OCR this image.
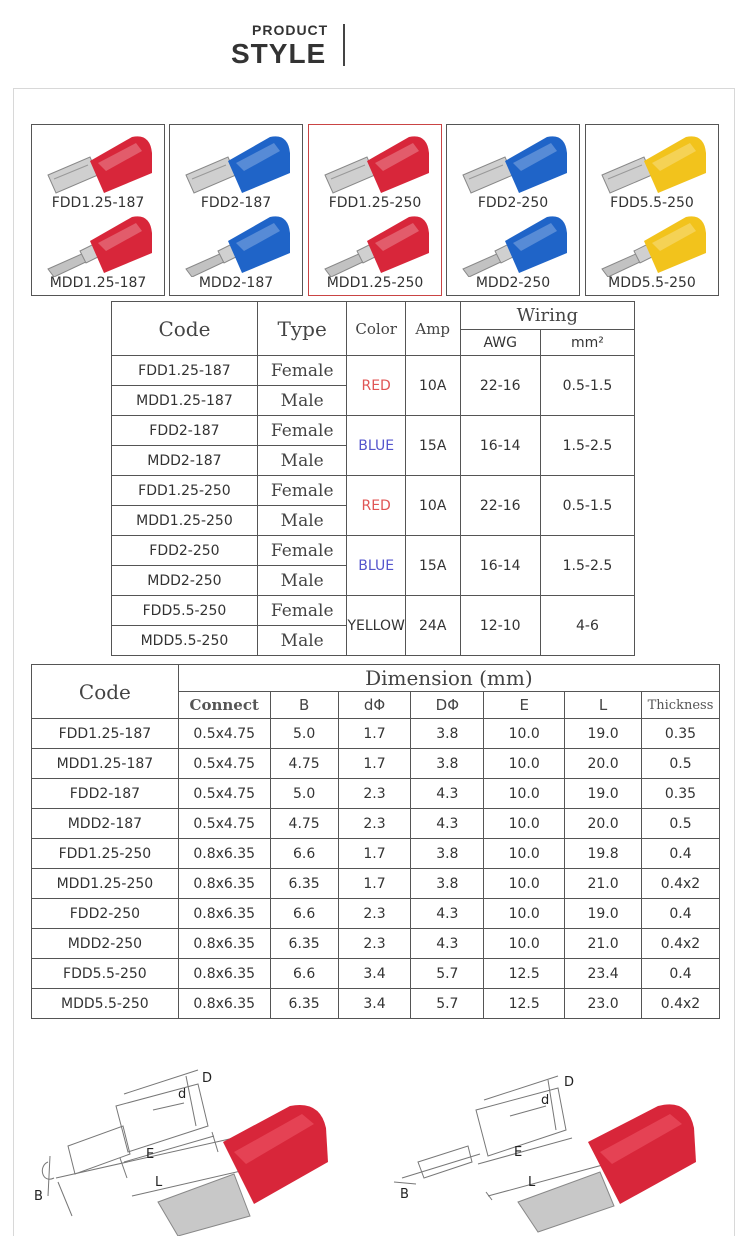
PRODUCT
STYLE
FDD1.25-187
MDD1.25-187
FDD2-187
MDD2-187
FDD1.25-250
MDD1.25-250
FDD2-250
MDD2-250
FDD5.5-250
MDD5.5-250
Code	Type	Color	Amp	Wiring	
				AWG	mm²
FDD1.25-187	Female	RED	10A	22-16	0.5-1.5
MDD1.25-187	Male				
FDD2-187	Female	BLUE	15A	16-14	1.5-2.5
MDD2-187	Male				
FDD1.25-250	Female	RED	10A	22-16	0.5-1.5
MDD1.25-250	Male				
FDD2-250	Female	BLUE	15A	16-14	1.5-2.5
MDD2-250	Male				
FDD5.5-250	Female	YELLOW	24A	12-10	4-6
MDD5.5-250	Male				
Code	Dimension (mm)						
	Connect	B	dΦ	DΦ	E	L	Thickness
FDD1.25-187	0.5x4.75	5.0	1.7	3.8	10.0	19.0	0.35
MDD1.25-187	0.5x4.75	4.75	1.7	3.8	10.0	20.0	0.5
FDD2-187	0.5x4.75	5.0	2.3	4.3	10.0	19.0	0.35
MDD2-187	0.5x4.75	4.75	2.3	4.3	10.0	20.0	0.5
FDD1.25-250	0.8x6.35	6.6	1.7	3.8	10.0	19.8	0.4
MDD1.25-250	0.8x6.35	6.35	1.7	3.8	10.0	21.0	0.4x2
FDD2-250	0.8x6.35	6.6	2.3	4.3	10.0	19.0	0.4
MDD2-250	0.8x6.35	6.35	2.3	4.3	10.0	21.0	0.4x2
FDD5.5-250	0.8x6.35	6.6	3.4	5.7	12.5	23.4	0.4
MDD5.5-250	0.8x6.35	6.35	3.4	5.7	12.5	23.0	0.4x2
D
d
E
L
B
D
d
E
L
B
